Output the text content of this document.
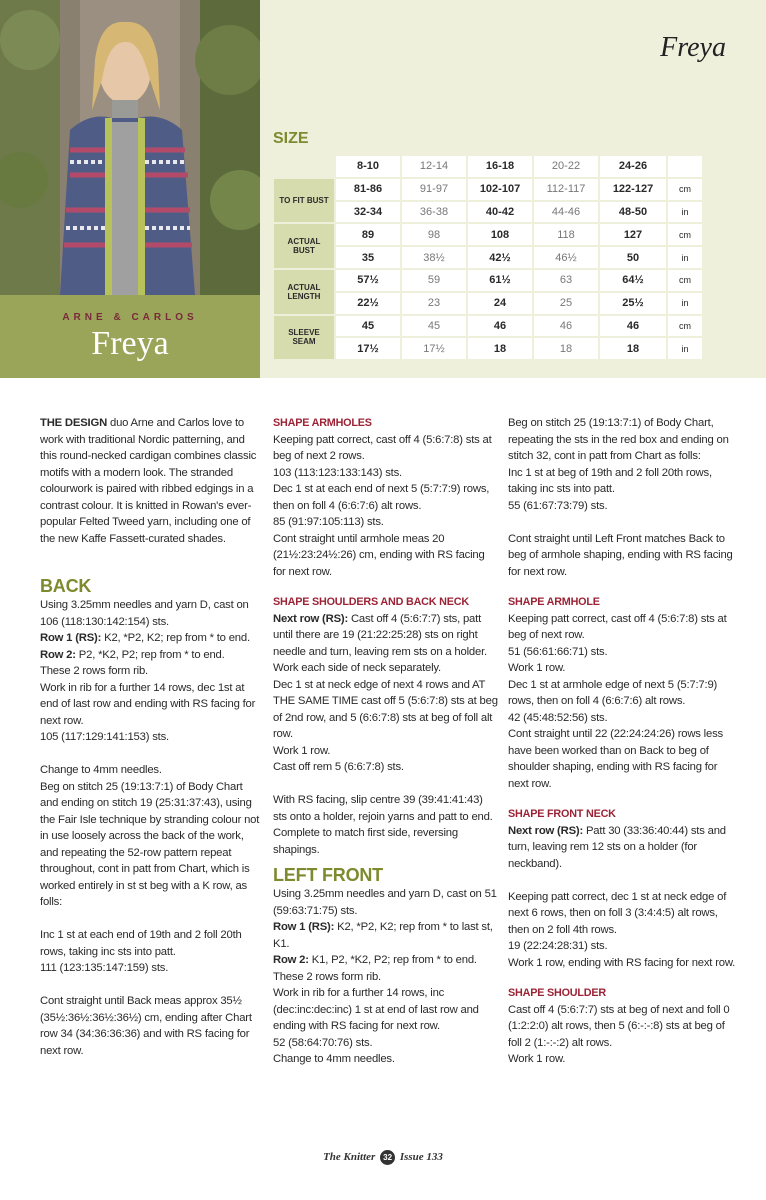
ARNE & CARLOS
Freya
Freya
SIZE
	8-10	12-14	16-18	20-22	24-26	
TO FIT BUST	81-86	91-97	102-107	112-117	122-127	cm
	32-34	36-38	40-42	44-46	48-50	in
ACTUAL BUST	89	98	108	118	127	cm
	35	38½	42½	46½	50	in
ACTUAL LENGTH	57½	59	61½	63	64½	cm
	22½	23	24	25	25½	in
SLEEVE SEAM	45	45	46	46	46	cm
	17½	17½	18	18	18	in

THE DESIGN duo Arne and Carlos love to work with traditional Nordic patterning, and this round-necked cardigan combines classic motifs with a modern look. The stranded colourwork is paired with ribbed edgings in a contrast colour. It is knitted in Rowan's ever-popular Felted Tweed yarn, including one of the new Kaffe Fassett-curated shades.

BACK

Using 3.25mm needles and yarn D, cast on 106 (118:130:142:154) sts.

Row 1 (RS): K2, *P2, K2; rep from * to end.

Row 2: P2, *K2, P2; rep from * to end.

These 2 rows form rib.

Work in rib for a further 14 rows, dec 1st at end of last row and ending with RS facing for next row.

105 (117:129:141:153) sts.

Change to 4mm needles.

Beg on stitch 25 (19:13:7:1) of Body Chart and ending on stitch 19 (25:31:37:43), using the Fair Isle technique by stranding colour not in use loosely across the back of the work, and repeating the 52-row pattern repeat throughout, cont in patt from Chart, which is worked entirely in st st beg with a K row, as folls:

Inc 1 st at each end of 19th and 2 foll 20th rows, taking inc sts into patt.

111 (123:135:147:159) sts.

Cont straight until Back meas approx 35½ (35½:36½:36½:36½) cm, ending after Chart row 34 (34:36:36:36) and with RS facing for next row.

SHAPE ARMHOLES

Keeping patt correct, cast off 4 (5:6:7:8) sts at beg of next 2 rows.

103 (113:123:133:143) sts.

Dec 1 st at each end of next 5 (5:7:7:9) rows, then on foll 4 (6:6:7:6) alt rows.

85 (91:97:105:113) sts.

Cont straight until armhole meas 20 (21½:23:24½:26) cm, ending with RS facing for next row.

SHAPE SHOULDERS AND BACK NECK

Next row (RS): Cast off 4 (5:6:7:7) sts, patt until there are 19 (21:22:25:28) sts on right needle and turn, leaving rem sts on a holder.

Work each side of neck separately.

Dec 1 st at neck edge of next 4 rows and AT THE SAME TIME cast off 5 (5:6:7:8) sts at beg of 2nd row, and 5 (6:6:7:8) sts at beg of foll alt row.

Work 1 row.

Cast off rem 5 (6:6:7:8) sts.

With RS facing, slip centre 39 (39:41:41:43) sts onto a holder, rejoin yarns and patt to end.

Complete to match first side, reversing shapings.

LEFT FRONT

Using 3.25mm needles and yarn D, cast on 51 (59:63:71:75) sts.

Row 1 (RS): K2, *P2, K2; rep from * to last st, K1.

Row 2: K1, P2, *K2, P2; rep from * to end.

These 2 rows form rib.

Work in rib for a further 14 rows, inc (dec:inc:dec:inc) 1 st at end of last row and ending with RS facing for next row.

52 (58:64:70:76) sts.

Change to 4mm needles.

Beg on stitch 25 (19:13:7:1) of Body Chart, repeating the sts in the red box and ending on stitch 32, cont in patt from Chart as folls:

Inc 1 st at beg of 19th and 2 foll 20th rows, taking inc sts into patt.

55 (61:67:73:79) sts.

Cont straight until Left Front matches Back to beg of armhole shaping, ending with RS facing for next row.

SHAPE ARMHOLE

Keeping patt correct, cast off 4 (5:6:7:8) sts at beg of next row.

51 (56:61:66:71) sts.

Work 1 row.

Dec 1 st at armhole edge of next 5 (5:7:7:9) rows, then on foll 4 (6:6:7:6) alt rows.

42 (45:48:52:56) sts.

Cont straight until 22 (22:24:24:26) rows less have been worked than on Back to beg of shoulder shaping, ending with RS facing for next row.

SHAPE FRONT NECK

Next row (RS): Patt 30 (33:36:40:44) sts and turn, leaving rem 12 sts on a holder (for neckband).

Keeping patt correct, dec 1 st at neck edge of next 6 rows, then on foll 3 (3:4:4:5) alt rows, then on 2 foll 4th rows.

19 (22:24:28:31) sts.

Work 1 row, ending with RS facing for next row.

SHAPE SHOULDER

Cast off 4 (5:6:7:7) sts at beg of next and foll 0 (1:2:2:0) alt rows, then 5 (6:-:-:8) sts at beg of foll 2 (1:-:-:2) alt rows.

Work 1 row.

The Knitter 32 Issue 133
